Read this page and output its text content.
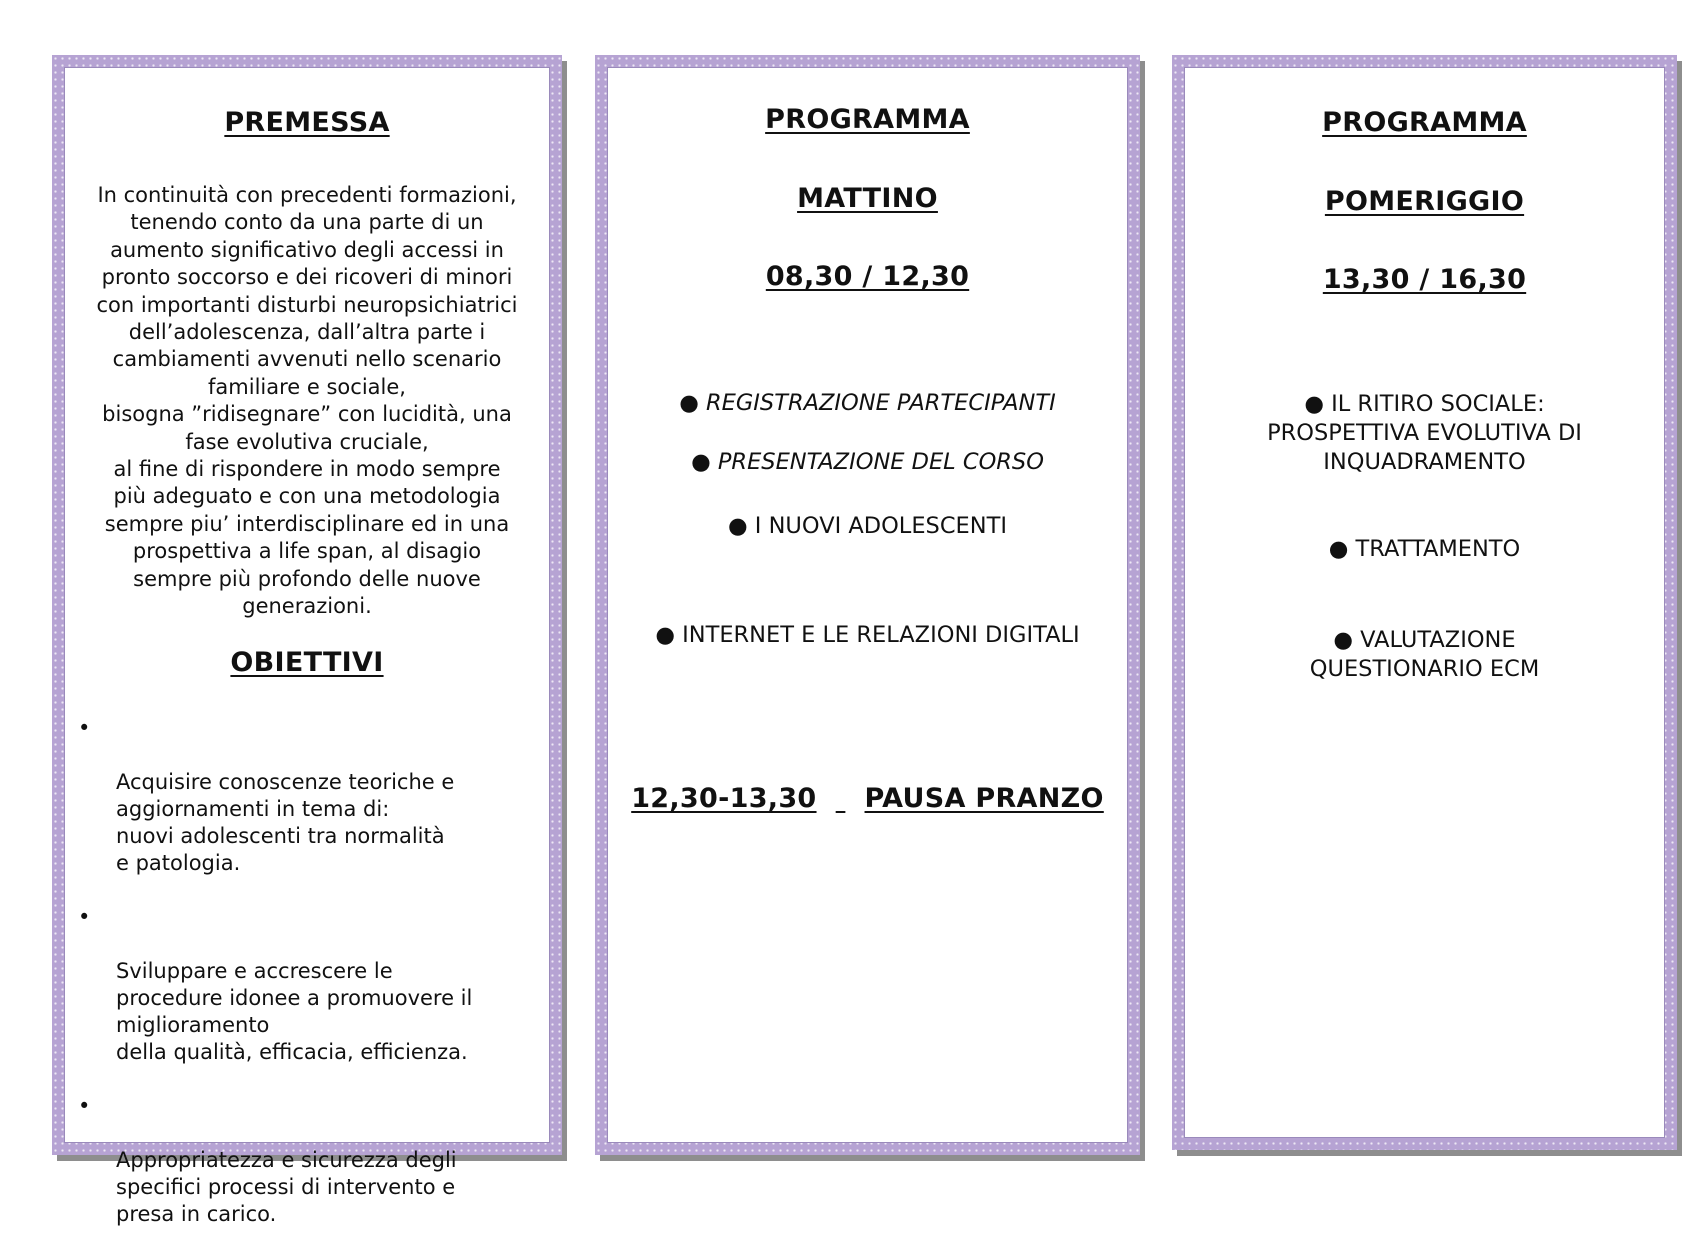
PREMESSA
In continuità con precedenti formazioni,
tenendo conto da una parte di un
aumento significativo degli accessi in
pronto soccorso e dei ricoveri di minori
con importanti disturbi neuropsichiatrici
dell’adolescenza, dall’altra parte i
cambiamenti avvenuti nello scenario
familiare e sociale,
bisogna ”ridisegnare” con lucidità, una
fase evolutiva cruciale,
al fine di rispondere in modo sempre
più adeguato e con una metodologia
sempre piu’ interdisciplinare ed in una
prospettiva a life span, al disagio
sempre più profondo delle nuove
generazioni.
OBIETTIVI

•

Acquisire conoscenze teoriche e
aggiornamenti in tema di:
nuovi adolescenti tra normalità
e patologia.

•

Sviluppare e accrescere le
procedure idonee a promuovere il
miglioramento
della qualità, efficacia, efficienza.

•

Appropriatezza e sicurezza degli
specifici processi di intervento e
presa in carico.

PROGRAMMA
MATTINO
08,30 / 12,30
● REGISTRAZIONE PARTECIPANTI
● PRESENTAZIONE DEL CORSO
● I NUOVI ADOLESCENTI
● INTERNET E LE RELAZIONI DIGITALI
12,30-13,30 PAUSA PRANZO
PROGRAMMA
POMERIGGIO
13,30 / 16,30
● IL RITIRO SOCIALE:
PROSPETTIVA EVOLUTIVA DI
INQUADRAMENTO
● TRATTAMENTO
● VALUTAZIONE
QUESTIONARIO ECM
